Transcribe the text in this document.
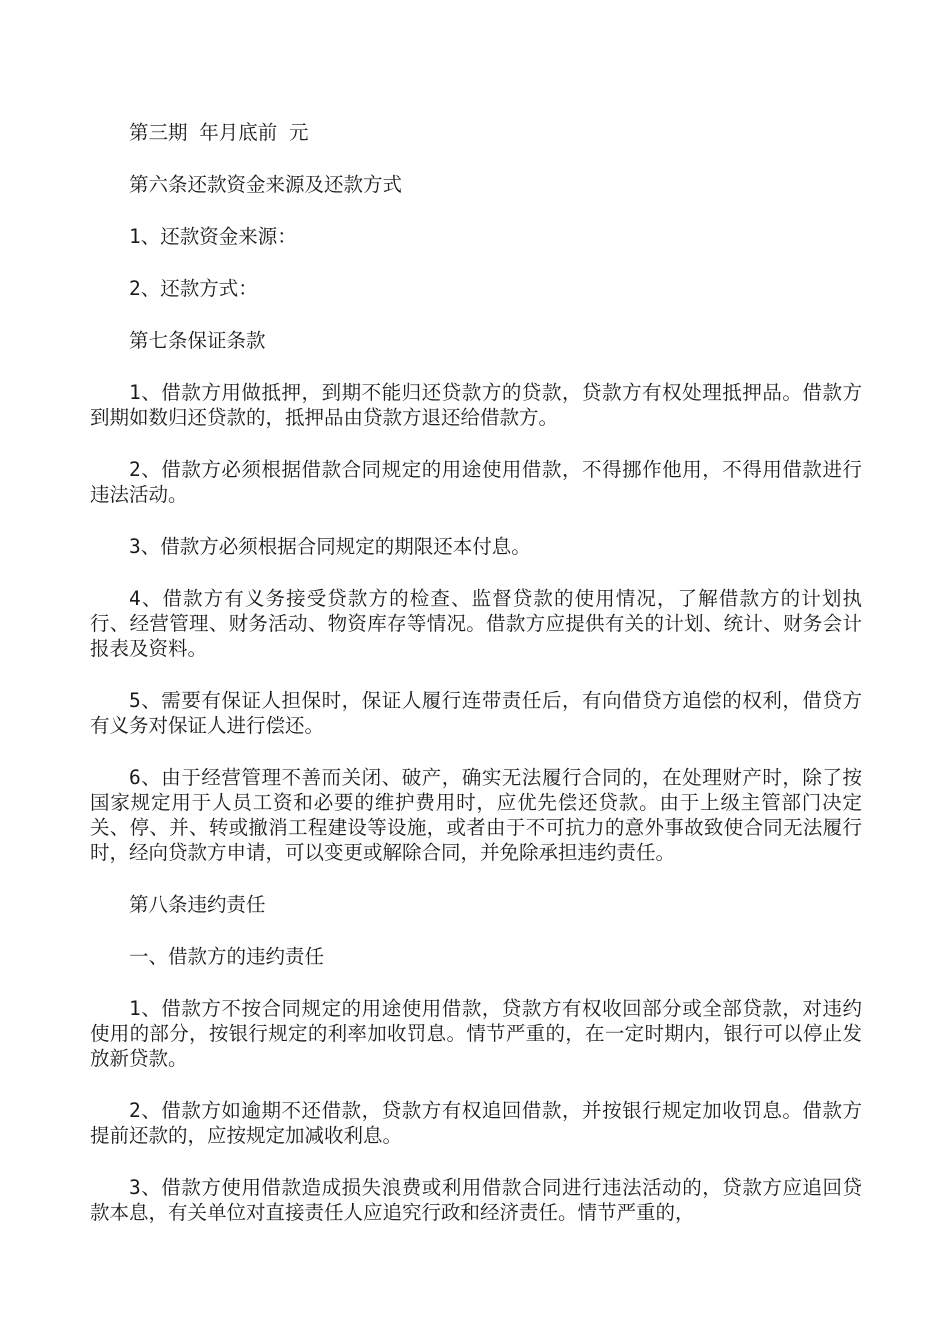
第三期 年月底前 元

第六条还款资金来源及还款方式

1、还款资金来源：

2、还款方式：

第七条保证条款

1、借款方用做抵押，到期不能归还贷款方的贷款，贷款方有权处理抵押品。借款方到期如数归还贷款的，抵押品由贷款方退还给借款方。

2、借款方必须根据借款合同规定的用途使用借款，不得挪作他用，不得用借款进行违法活动。

3、借款方必须根据合同规定的期限还本付息。

4、借款方有义务接受贷款方的检查、监督贷款的使用情况，了解借款方的计划执行、经营管理、财务活动、物资库存等情况。借款方应提供有关的计划、统计、财务会计报表及资料。

5、需要有保证人担保时，保证人履行连带责任后，有向借贷方追偿的权利，借贷方有义务对保证人进行偿还。

6、由于经营管理不善而关闭、破产，确实无法履行合同的，在处理财产时，除了按国家规定用于人员工资和必要的维护费用时，应优先偿还贷款。由于上级主管部门决定关、停、并、转或撤消工程建设等设施，或者由于不可抗力的意外事故致使合同无法履行时，经向贷款方申请，可以变更或解除合同，并免除承担违约责任。

第八条违约责任

一、借款方的违约责任

1、借款方不按合同规定的用途使用借款，贷款方有权收回部分或全部贷款，对违约使用的部分，按银行规定的利率加收罚息。情节严重的，在一定时期内，银行可以停止发放新贷款。

2、借款方如逾期不还借款，贷款方有权追回借款，并按银行规定加收罚息。借款方提前还款的，应按规定加减收利息。

3、借款方使用借款造成损失浪费或利用借款合同进行违法活动的，贷款方应追回贷款本息，有关单位对直接责任人应追究行政和经济责任。情节严重的，
